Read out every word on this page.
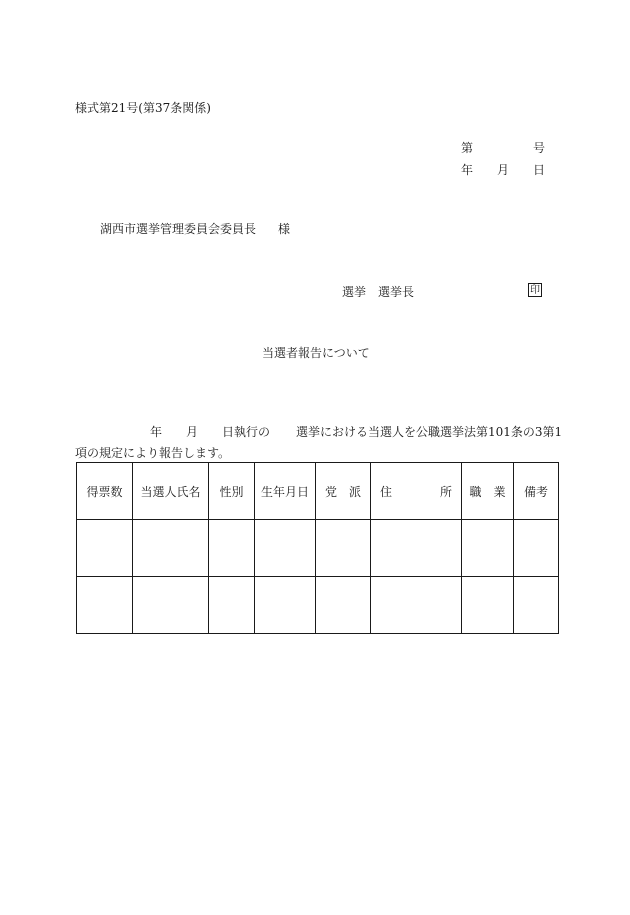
様式第21号(第37条関係)
第	号
年 月 日
湖西市選挙管理委員会委員長 様
選挙 選挙長	印
当選者報告について
年 月 日執行の 選挙における当選人を公職選挙法第101条の3第1
項の規定により報告します。
得票数	当選人氏名	性別	生年月日	党　派	住　　　　所	職　業	備考
